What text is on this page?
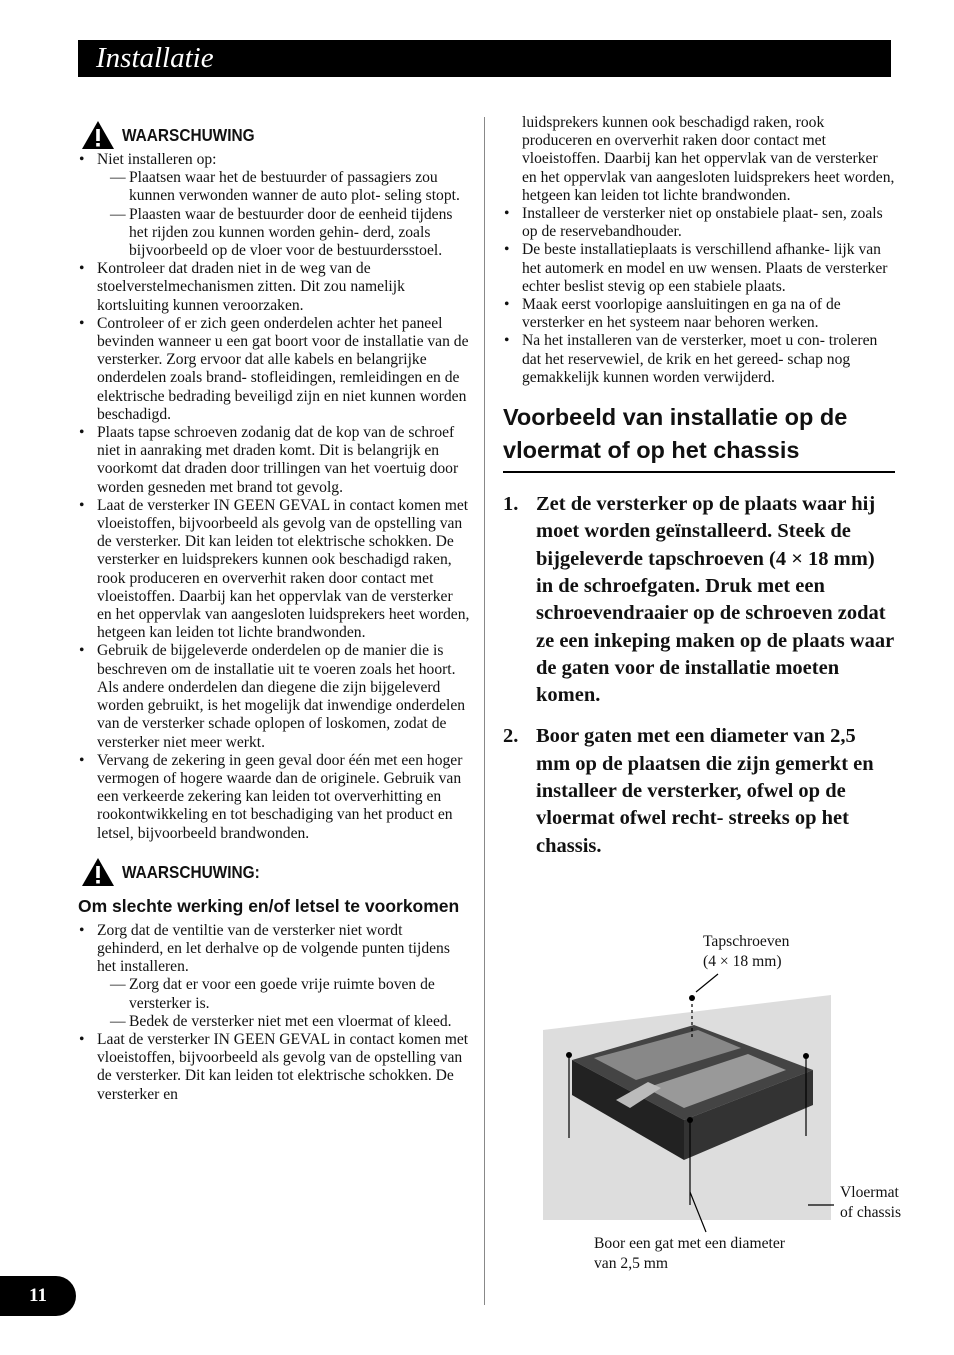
Installatie
WAARSCHUWING
• Niet installeren op:
— Plaatsen waar het de bestuurder of passagiers zou kunnen verwonden wanner de auto plot- seling stopt.
— Plaasten waar de bestuurder door de eenheid tijdens het rijden zou kunnen worden gehin- derd, zoals bijvoorbeeld op de vloer voor de bestuurdersstoel.
• Kontroleer dat draden niet in de weg van de stoelverstelmechanismen zitten. Dit zou namelijk kortsluiting kunnen veroorzaken.
• Controleer of er zich geen onderdelen achter het paneel bevinden wanneer u een gat boort voor de installatie van de versterker. Zorg ervoor dat alle kabels en belangrijke onderdelen zoals brand- stofleidingen, remleidingen en de elektrische bedrading beveiligd zijn en niet kunnen worden beschadigd.
• Plaats tapse schroeven zodanig dat de kop van de schroef niet in aanraking met draden komt. Dit is belangrijk en voorkomt dat draden door trillingen van het voertuig door worden gesneden met brand tot gevolg.
• Laat de versterker IN GEEN GEVAL in contact komen met vloeistoffen, bijvoorbeeld als gevolg van de opstelling van de versterker. Dit kan leiden tot elektrische schokken. De versterker en luidsprekers kunnen ook beschadigd raken, rook produceren en oververhit raken door contact met vloeistoffen. Daarbij kan het oppervlak van de versterker en het oppervlak van aangesloten luidsprekers heet worden, hetgeen kan leiden tot lichte brandwonden.
• Gebruik de bijgeleverde onderdelen op de manier die is beschreven om de installatie uit te voeren zoals het hoort. Als andere onderdelen dan diegene die zijn bijgeleverd worden gebruikt, is het mogelijk dat inwendige onderdelen van de versterker schade oplopen of loskomen, zodat de versterker niet meer werkt.
• Vervang de zekering in geen geval door één met een hoger vermogen of hogere waarde dan de originele. Gebruik van een verkeerde zekering kan leiden tot oververhitting en rookontwikkeling en tot beschadiging van het product en letsel, bijvoorbeeld brandwonden.
WAARSCHUWING:
Om slechte werking en/of letsel te voorkomen
• Zorg dat de ventiltie van de versterker niet wordt gehinderd, en let derhalve op de volgende punten tijdens het installeren.
— Zorg dat er voor een goede vrije ruimte boven de versterker is.
— Bedek de versterker niet met een vloermat of kleed.
• Laat de versterker IN GEEN GEVAL in contact komen met vloeistoffen, bijvoorbeeld als gevolg van de opstelling van de versterker. Dit kan leiden tot elektrische schokken. De versterker en
luidsprekers kunnen ook beschadigd raken, rook produceren en oververhit raken door contact met vloeistoffen. Daarbij kan het oppervlak van de versterker en het oppervlak van aangesloten luidsprekers heet worden, hetgeen kan leiden tot lichte brandwonden.
• Installeer de versterker niet op onstabiele plaat- sen, zoals op de reservebandhouder.
• De beste installatieplaats is verschillend afhanke- lijk van het automerk en model en uw wensen. Plaats de versterker echter beslist stevig op een stabiele plaats.
• Maak eerst voorlopige aansluitingen en ga na of de versterker en het systeem naar behoren werken.
• Na het installeren van de versterker, moet u con- troleren dat het reservewiel, de krik en het gereed- schap nog gemakkelijk kunnen worden verwijderd.
Voorbeeld van installatie op de vloermat of op het chassis
1. Zet de versterker op de plaats waar hij moet worden geïnstalleerd. Steek de bijgeleverde tapschroeven (4 × 18 mm) in de schroefgaten. Druk met een schroevendraaier op de schroeven zodat ze een inkeping maken op de plaats waar de gaten voor de installatie moeten komen.
2. Boor gaten met een diameter van 2,5 mm op de plaatsen die zijn gemerkt en installeer de versterker, ofwel op de vloermat ofwel recht- streeks op het chassis.
Tapschroeven
(4 × 18 mm)
Vloermat
of chassis
Boor een gat met een diameter
van 2,5 mm
11
